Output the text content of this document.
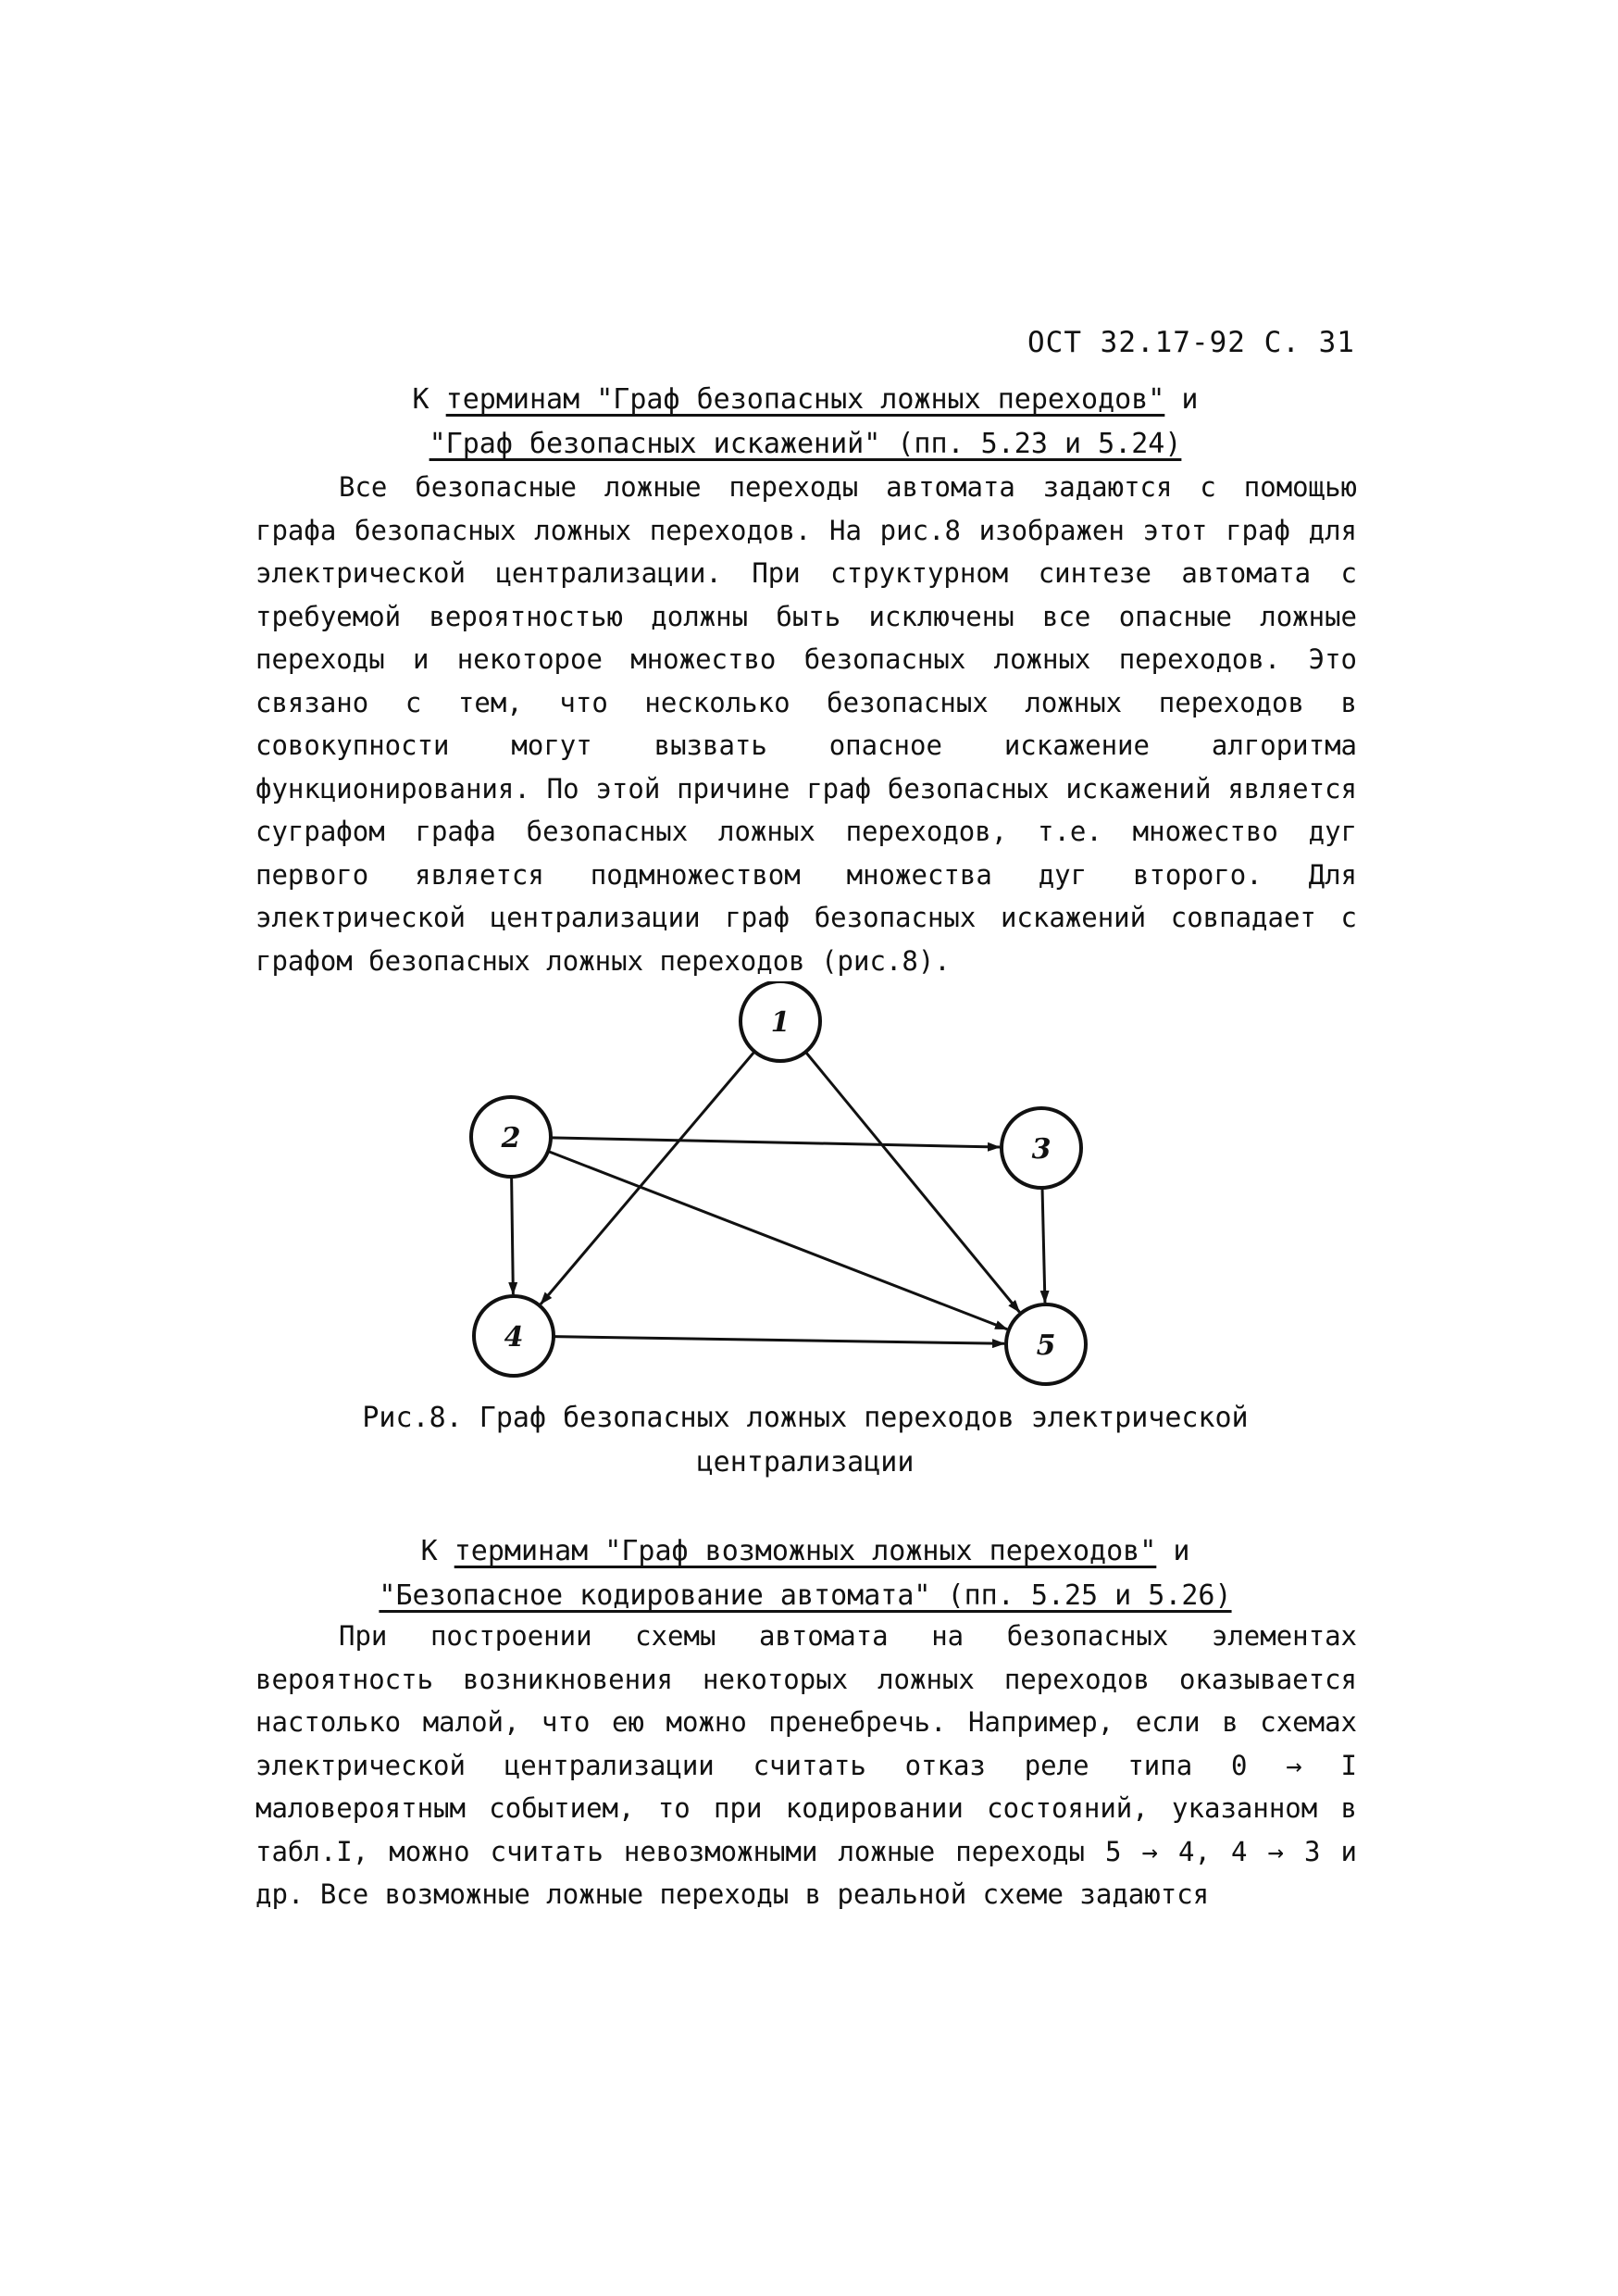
ОСТ 32.17-92 С. 31
К терминам "Граф безопасных ложных переходов" и
"Граф безопасных искажений" (пп. 5.23 и 5.24)

Все безопасные ложные переходы автомата задаются с помощью графа безопасных ложных переходов. На рис.8 изображен этот граф для электрической централизации. При структурном синтезе автомата с требуемой вероятностью должны быть исключены все опасные ложные переходы и некоторое множество безопасных ложных переходов. Это связано с тем, что несколько безопасных ложных переходов в совокупности могут вызвать опасное искажение алгоритма функционирования. По этой причине граф безопасных искажений является суграфом графа безопасных ложных переходов, т.е. множество дуг первого является подмножеством множества дуг второго. Для электрической централизации граф безопасных искажений совпадает с графом безопасных ложных переходов (рис.8).

1
2	3
4	5
Рис.8. Граф безопасных ложных переходов электрической
централизации
К терминам "Граф возможных ложных переходов" и
"Безопасное кодирование автомата" (пп. 5.25 и 5.26)

При построении схемы автомата на безопасных элементах вероятность возникновения некоторых ложных переходов оказывается настолько малой, что ею можно пренебречь. Например, если в схемах электрической централизации считать отказ реле типа 0 → I маловероятным событием, то при кодировании состояний, указанном в табл.I, можно считать невозможными ложные переходы 5 → 4, 4 → 3 и др. Все возможные ложные переходы в реальной схеме задаются
